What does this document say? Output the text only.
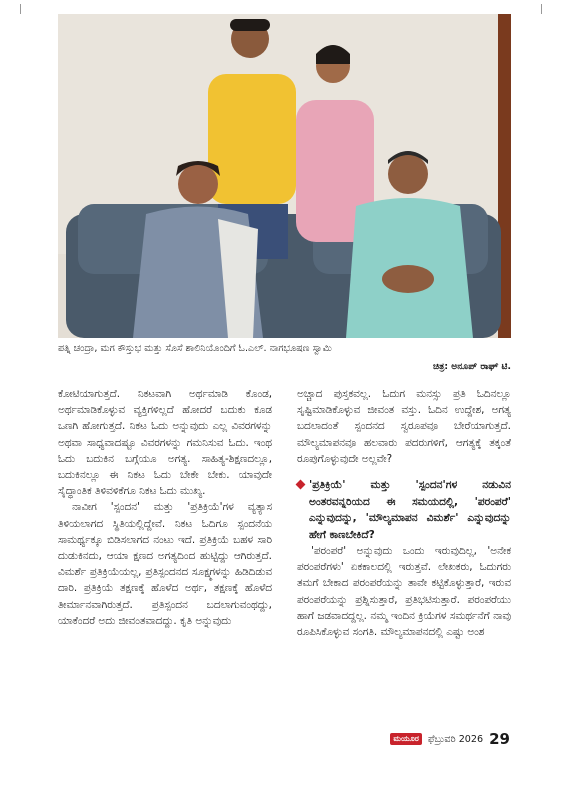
ಪತ್ನಿ ಚಂದ್ರಾ, ಮಗ ಕೌಸ್ತುಭ ಮತ್ತು ಸೊಸೆ ಶಾಲಿನಿಯೊಂದಿಗೆ ಓ.ಎಲ್. ನಾಗಭೂಷಣ ಸ್ವಾಮಿ
ಚಿತ್ರ: ಅನೂಪ್ ರಾಘ್ ಟಿ.

ಕೋಟಿಯಾಗುತ್ತದೆ. ನಿಕಟವಾಗಿ ಅರ್ಥಮಾಡಿ ಕೊಂಡ, ಅರ್ಥಮಾಡಿಕೊಳ್ಳುವ ವ್ಯಕ್ತಿಗಳಿಲ್ಲದೆ ಹೋದರೆ ಬದುಕು ಕೂಡ ಒಣಗಿ ಹೋಗುತ್ತದೆ. ನಿಕಟ ಓದು ಅನ್ನುವುದು ಎಲ್ಲ ವಿವರಗಳನ್ನು ಅಥವಾ ಸಾಧ್ಯವಾದಷ್ಟೂ ವಿವರಗಳನ್ನು ಗಮನಿಸುವ ಓದು. ಇಂಥ ಓದು ಬದುಕಿನ ಬಗ್ಗೆಯೂ ಅಗತ್ಯ. ಸಾಹಿತ್ಯ-ಶಿಕ್ಷಣದಲ್ಲೂ, ಬದುಕಿನಲ್ಲೂ ಈ ನಿಕಟ ಓದು ಬೇಕೇ ಬೇಕು. ಯಾವುದೇ ಸೈದ್ಧಾಂತಿಕ ತಿಳಿವಳಿಕೆಗೂ ನಿಕಟ ಓದು ಮುಖ್ಯ.

ನಾವೀಗ 'ಸ್ಪಂದನ' ಮತ್ತು 'ಪ್ರತಿಕ್ರಿಯೆ'ಗಳ ವ್ಯತ್ಯಾಸ ತಿಳಿಯಲಾಗದ ಸ್ಥಿತಿಯಲ್ಲಿದ್ದೇವೆ. ನಿಕಟ ಓದಿಗೂ ಸ್ಪಂದನೆಯ ಸಾಮರ್ಥ್ಯಕ್ಕೂ ಬಿಡಿಸಲಾಗದ ನಂಟು ಇದೆ. ಪ್ರತಿಕ್ರಿಯೆ ಬಹಳ ಸಾರಿ ದುಡುಕಿನದು, ಆಯಾ ಕ್ಷಣದ ಅಗತ್ಯದಿಂದ ಹುಟ್ಟಿದ್ದು ಆಗಿರುತ್ತದೆ. ವಿಮರ್ಶೆ ಪ್ರತಿಕ್ರಿಯೆಯಲ್ಲ, ಪ್ರತಿಸ್ಪಂದನದ ಸೂಕ್ಷ್ಮಗಳನ್ನು ಹಿಡಿದಿಡುವ ದಾರಿ. ಪ್ರತಿಕ್ರಿಯೆ ತಕ್ಷಣಕ್ಕೆ ಹೊಳೆದ ಅರ್ಥ, ತಕ್ಷಣಕ್ಕೆ ಹೊಳೆದ ತೀರ್ಮಾನವಾಗಿರುತ್ತದೆ. ಪ್ರತಿಸ್ಪಂದನ ಬದಲಾಗುವಂಥದ್ದು, ಯಾಕೆಂದರೆ ಅದು ಜೀವಂತವಾದದ್ದು. ಕೃತಿ ಅನ್ನುವುದು

ಅಚ್ಚಾದ ಪುಸ್ತಕವಲ್ಲ. ಓದುಗ ಮನಸ್ಸು ಪ್ರತಿ ಓದಿನಲ್ಲೂ ಸೃಷ್ಟಿಮಾಡಿಕೊಳ್ಳುವ ಜೀವಂತ ವಸ್ತು. ಓದಿನ ಉದ್ದೇಶ, ಅಗತ್ಯ ಬದಲಾದಂತೆ ಸ್ಪಂದನದ ಸ್ವರೂಪವೂ ಬೇರೆಯಾಗುತ್ತದೆ. ಮೌಲ್ಯಮಾಪನವೂ ಹಲವಾರು ಪದರುಗಳಿಗೆ, ಆಗತ್ಯಕ್ಕೆ ತಕ್ಕಂತೆ ರೂಪುಗೊಳ್ಳುವುದೇ ಅಲ್ಲವೇ?

'ಪ್ರತಿಕ್ರಿಯೆ' ಮತ್ತು 'ಸ್ಪಂದನ'ಗಳ ನಡುವಿನ ಅಂತರವನ್ನರಿಯದ ಈ ಸಮಯದಲ್ಲಿ, 'ಪರಂಪರೆ' ಎನ್ನುವುದನ್ನು, 'ಮೌಲ್ಯಮಾಪನ ವಿಮರ್ಶೆ' ಎನ್ನುವುದನ್ನು ಹೇಗೆ ಕಾಣಬೇಕಿದೆ?

'ಪರಂಪರೆ' ಅನ್ನುವುದು ಒಂದು ಇರುವುದಿಲ್ಲ, 'ಅನೇಕ ಪರಂಪರೆಗಳು' ಏಕಕಾಲದಲ್ಲಿ ಇರುತ್ತವೆ. ಲೇಖಕರು, ಓದುಗರು ತಮಗೆ ಬೇಕಾದ ಪರಂಪರೆಯನ್ನು ತಾವೇ ಕಟ್ಟಿಕೊಳ್ಳುತ್ತಾರೆ, ಇರುವ ಪರಂಪರೆಯನ್ನು ಪ್ರಶ್ನಿಸುತ್ತಾರೆ, ಪ್ರತಿಭಟಿಸುತ್ತಾರೆ. ಪರಂಪರೆಯು ಹಾಗೆ ಜಡವಾದದ್ದಲ್ಲ. ನಮ್ಮ ಇಂದಿನ ಕ್ರಿಯೆಗಳ ಸಮರ್ಥನೆಗೆ ನಾವು ರೂಪಿಸಿಕೊಳ್ಳುವ ಸಂಗತಿ. ಮೌಲ್ಯಮಾಪನದಲ್ಲಿ ಎಷ್ಟು ಅಂಶ

ಮಯೂರ ಫೆಬ್ರುವರಿ 2026 29
